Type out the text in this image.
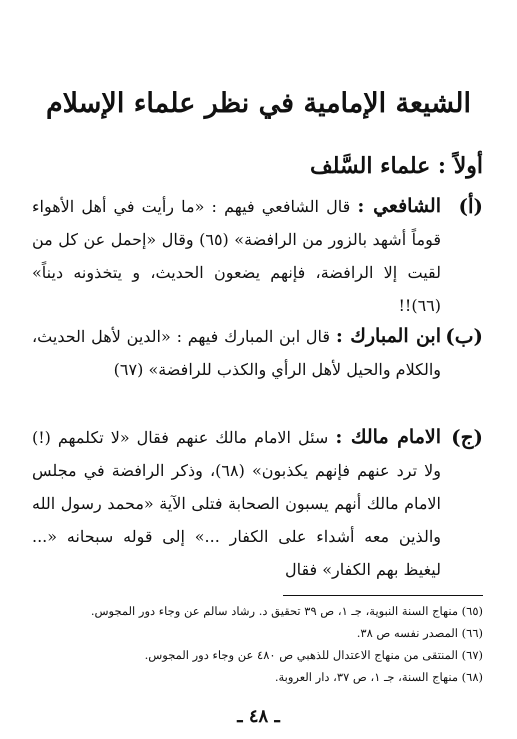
الشيعة الإمامية في نظر علماء الإسلام
أولاً : علماء السَّلف
(أ)
الشافعي : قال الشافعي فيهم : «ما رأيت في أهل الأهواء قوماً أشهد بالزور من الرافضة» (٦٥) وقال «إحمل عن كل من لقيت إلا الرافضة، فإنهم يضعون الحديث، و يتخذونه ديناً» (٦٦)!!
(ب)
ابن المبارك : قال ابن المبارك فيهم : «الدين لأهل الحديث، والكلام والحيل لأهل الرأي والكذب للرافضة» (٦٧)
(ج)
الامام مالك : سئل الامام مالك عنهم فقال «لا تكلمهم (!) ولا ترد عنهم فإنهم يكذبون» (٦٨)، وذكر الرافضة في مجلس الامام مالك أنهم يسبون الصحابة فتلى الآية «محمد رسول الله والذين معه أشداء على الكفار ...» إلى قوله سبحانه «... ليغيظ بهم الكفار» فقال
(٦٥) منهاج السنة النبوية، جـ ١، ص ٣٩ تحقيق د. رشاد سالم عن وجاء دور المجوس.
(٦٦) المصدر نفسه ص ٣٨.
(٦٧) المنتقى من منهاج الاعتدال للذهبي ص ٤٨٠ عن وجاء دور المجوس.
(٦٨) منهاج السنة، جـ ١، ص ٣٧، دار العروبة.
ـ ٤٨ ـ
